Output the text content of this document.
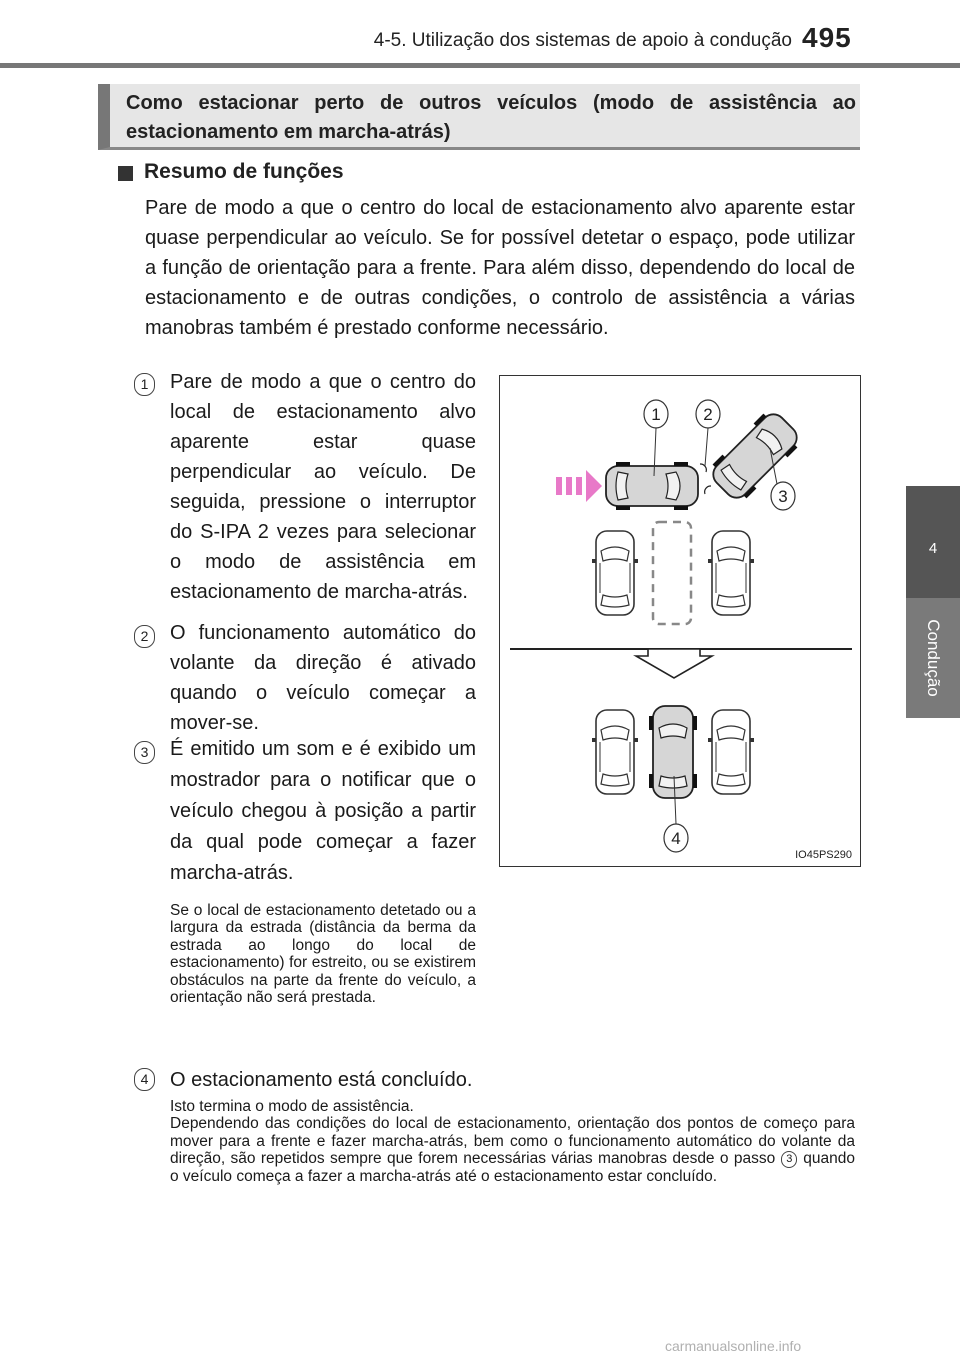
4-5. Utilização dos sistemas de apoio à condução 495
4
Condução
Como estacionar perto de outros veículos (modo de assistência ao estacionamento em marcha-atrás)
Resumo de funções
Pare de modo a que o centro do local de estacionamento alvo aparente estar quase perpendicular ao veículo. Se for possível detetar o espaço, pode utilizar a função de orientação para a frente. Para além disso, dependendo do local de estacionamento e de outras condições, o controlo de assistência a várias manobras também é prestado conforme necessário.
1	Pare de modo a que o centro do local de estacionamento alvo aparente estar quase perpendicular ao veículo. De seguida, pressione o interruptor do S-IPA 2 vezes para selecionar o modo de assistência em estacionamento de marcha-atrás.
2	O funcionamento automático do volante da direção é ativado quando o veículo começar a mover-se.
3	É emitido um som e é exibido um mostrador para o notificar que o veículo chegou à posição a partir da qual pode começar a fazer marcha-atrás.
Se o local de estacionamento detetado ou a largura da estrada (distância da berma da estrada ao longo do local de estacionamento) for estreito, ou se existirem obstáculos na parte da frente do veículo, a orientação não será prestada.
4	O estacionamento está concluído.
Isto termina o modo de assistência.
Dependendo das condições do local de estacionamento, orientação dos pontos de começo para mover para a frente e fazer marcha-atrás, bem como o funcionamento automático do volante da direção, são repetidos sempre que forem necessárias várias manobras desde o passo 3 quando o veículo começa a fazer a marcha-atrás até o estacionamento estar concluído.
1	2
3
4
IO45PS290
carmanualsonline.info
